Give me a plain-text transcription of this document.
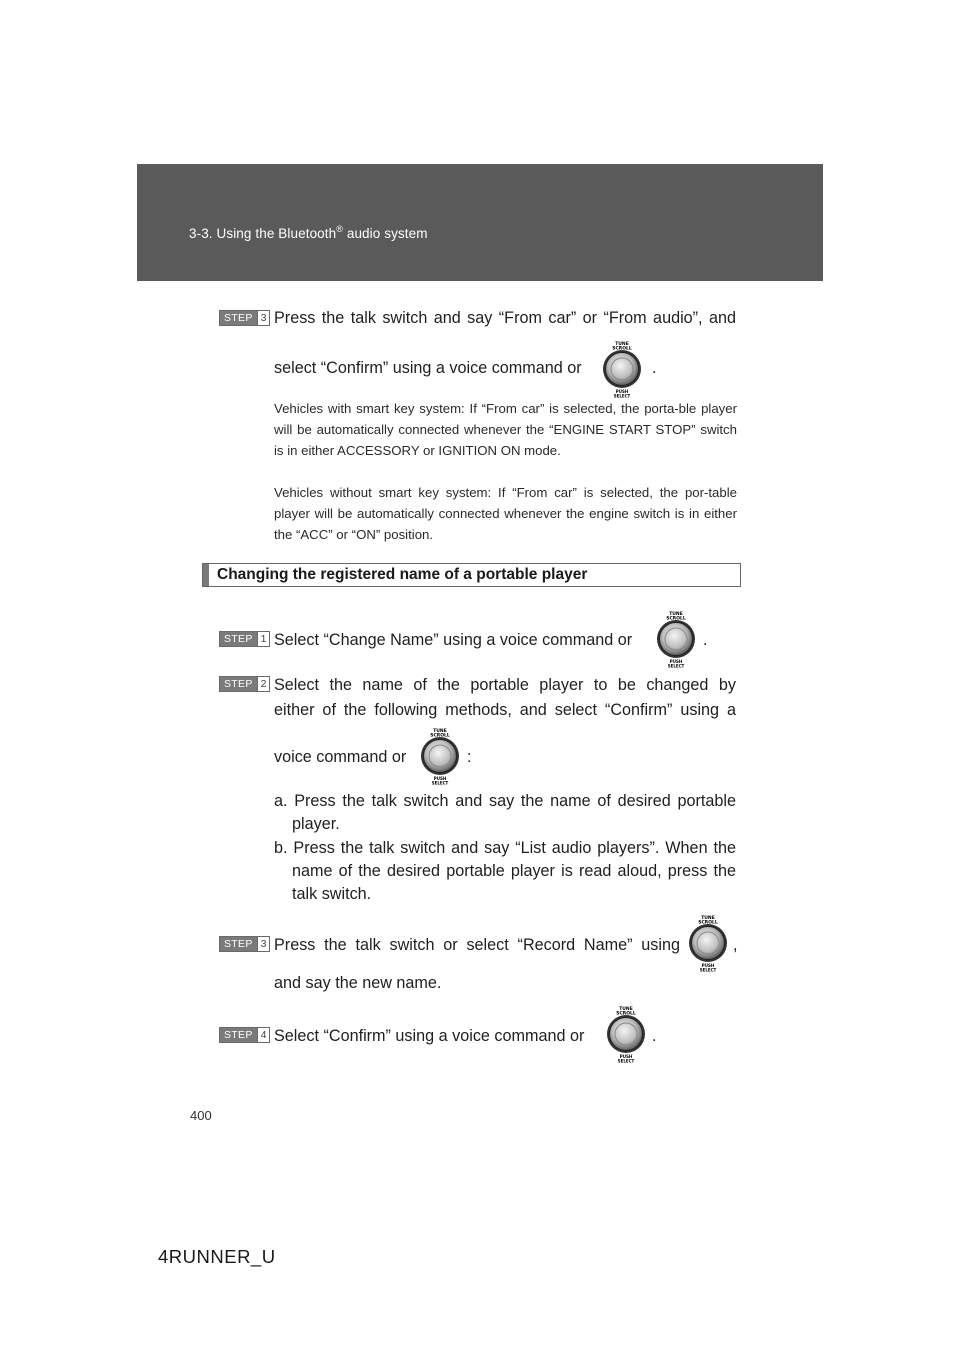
3-3. Using the Bluetooth® audio system
STEP 3 Press the talk switch and say “From car” or “From audio”, and
select “Confirm” using a voice command or
TUNE
SCROLL
PUSH
SELECT
.
Vehicles with smart key system: If “From car” is selected, the porta-ble player will be automatically connected whenever the “ENGINE START STOP” switch is in either ACCESSORY or IGNITION ON mode.
Vehicles without smart key system: If “From car” is selected, the por-table player will be automatically connected whenever the engine switch is in either the “ACC” or “ON” position.
Changing the registered name of a portable player
STEP 1 Select “Change Name” using a voice command or
TUNE
SCROLL
PUSH
SELECT
.
STEP 2 Select the name of the portable player to be changed by
either of the following methods, and select “Confirm” using a
voice command or
TUNE
SCROLL
PUSH
SELECT
:
a. Press the talk switch and say the name of desired portable
player.
b. Press the talk switch and say “List audio players”. When the
name of the desired portable player is read aloud, press the
talk switch.
STEP 3 Press the talk switch or select “Record Name” using
TUNE
SCROLL
PUSH
SELECT
,
and say the new name.
STEP 4 Select “Confirm” using a voice command or
TUNE
SCROLL
PUSH
SELECT
.
400
4RUNNER_U
